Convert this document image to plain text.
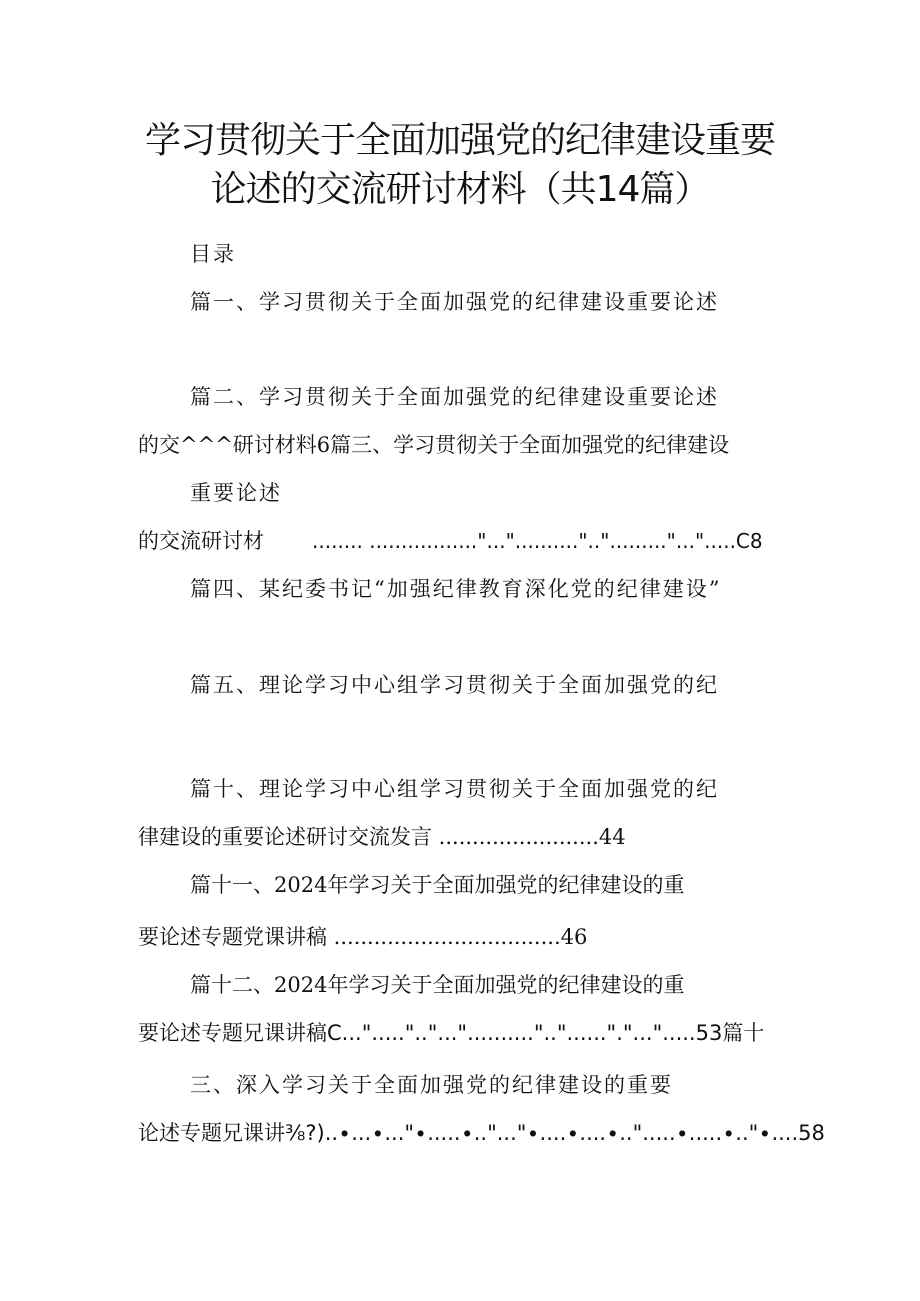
学习贯彻关于全面加强党的纪律建设重要
论述的交流研讨材料（共14篇）
目录
篇一、学习贯彻关于全面加强党的纪律建设重要论述
篇二、学习贯彻关于全面加强党的纪律建设重要论述
的交^^^研讨材料6篇三、学习贯彻关于全面加强党的纪律建设
重要论述
的交流研讨材 ........ ................."..."..........".."........."...".....C8
篇四、某纪委书记“加强纪律教育深化党的纪律建设”
篇五、理论学习中心组学习贯彻关于全面加强党的纪
篇十、理论学习中心组学习贯彻关于全面加强党的纪
律建设的重要论述研讨交流发言 ........................44
篇十一、2024年学习关于全面加强党的纪律建设的重
要论述专题党课讲稿 ..................................46
篇十二、2024年学习关于全面加强党的纪律建设的重
要论述专题兄课讲稿C...".....".."..."..........".."......"."...".....53篇十
三、深入学习关于全面加强党的纪律建设的重要
论述专题兄课讲⅜?)..∙...∙..."∙.....∙.."..."∙....∙....∙..".....∙.....∙.."∙....58
